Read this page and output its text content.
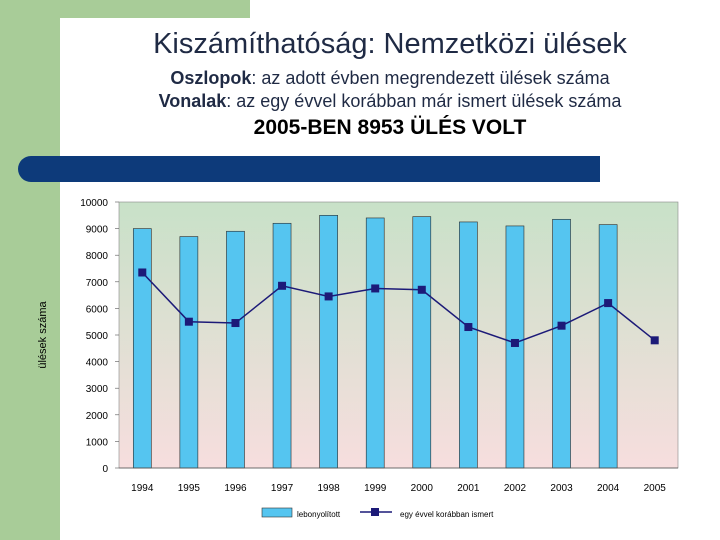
Kiszámíthatóság: Nemzetközi ülések
Oszlopok: az adott évben megrendezett ülések száma
Vonalak: az egy évvel korábban már ismert ülések száma
2005-BEN 8953 ÜLÉS VOLT
0
1000
2000
3000
4000
5000
6000
7000
8000
9000
10000
1994 1995 1996 1997 1998 1999 2000 2001 2002 2003 2004 2005
ülések száma
lebonyolított	egy évvel korábban ismert
